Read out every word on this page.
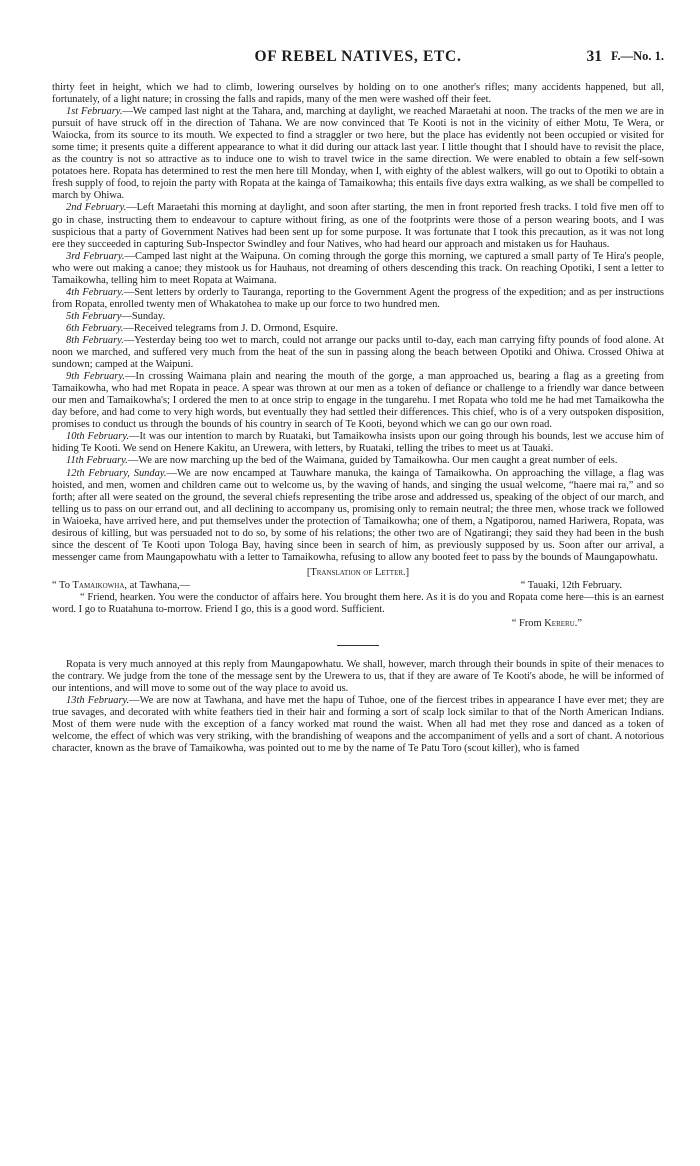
OF REBEL NATIVES, ETC.	31 F.—No. 1.

thirty feet in height, which we had to climb, lowering ourselves by holding on to one another's rifles; many accidents happened, but all, fortunately, of a light nature; in crossing the falls and rapids, many of the men were washed off their feet.

1st February.—We camped last night at the Tahara, and, marching at daylight, we reached Maraetahi at noon. The tracks of the men we are in pursuit of have struck off in the direction of Tahana. We are now convinced that Te Kooti is not in the vicinity of either Motu, Te Wera, or Waiocka, from its source to its mouth. We expected to find a straggler or two here, but the place has evidently not been occupied or visited for some time; it presents quite a different appearance to what it did during our attack last year. I little thought that I should have to revisit the place, as the country is not so attractive as to induce one to wish to travel twice in the same direction. We were enabled to obtain a few self-sown potatoes here. Ropata has determined to rest the men here till Monday, when I, with eighty of the ablest walkers, will go out to Opotiki to obtain a fresh supply of food, to rejoin the party with Ropata at the kainga of Tamaikowha; this entails five days extra walking, as we shall be compelled to march by Ohiwa.

2nd February.—Left Maraetahi this morning at daylight, and soon after starting, the men in front reported fresh tracks. I told five men off to go in chase, instructing them to endeavour to capture without firing, as one of the footprints were those of a person wearing boots, and I was suspicious that a party of Government Natives had been sent up for some purpose. It was fortunate that I took this precaution, as it was not long ere they succeeded in capturing Sub-Inspector Swindley and four Natives, who had heard our approach and mistaken us for Hauhaus.

3rd February.—Camped last night at the Waipuna. On coming through the gorge this morning, we captured a small party of Te Hira's people, who were out making a canoe; they mistook us for Hauhaus, not dreaming of others descending this track. On reaching Opotiki, I sent a letter to Tamaikowha, telling him to meet Ropata at Waimana.

4th February.—Sent letters by orderly to Tauranga, reporting to the Government Agent the progress of the expedition; and as per instructions from Ropata, enrolled twenty men of Whakatohea to make up our force to two hundred men.

5th February—Sunday.

6th February.—Received telegrams from J. D. Ormond, Esquire.

8th February.—Yesterday being too wet to march, could not arrange our packs until to-day, each man carrying fifty pounds of food alone. At noon we marched, and suffered very much from the heat of the sun in passing along the beach between Opotiki and Ohiwa. Crossed Ohiwa at sundown; camped at the Waipuni.

9th February.—In crossing Waimana plain and nearing the mouth of the gorge, a man approached us, bearing a flag as a greeting from Tamaikowha, who had met Ropata in peace. A spear was thrown at our men as a token of defiance or challenge to a friendly war dance between our men and Tamaikowha's; I ordered the men to at once strip to engage in the tungarehu. I met Ropata who told me he had met Tamaikowha the day before, and had come to very high words, but eventually they had settled their differences. This chief, who is of a very outspoken disposition, promises to conduct us through the bounds of his country in search of Te Kooti, beyond which we can go our own road.

10th February.—It was our intention to march by Ruataki, but Tamaikowha insists upon our going through his bounds, lest we accuse him of hiding Te Kooti. We send on Henere Kakitu, an Urewera, with letters, by Ruataki, telling the tribes to meet us at Tauaki.

11th February.—We are now marching up the bed of the Waimana, guided by Tamaikowha. Our men caught a great number of eels.

12th February, Sunday.—We are now encamped at Tauwhare manuka, the kainga of Tamaikowha. On approaching the village, a flag was hoisted, and men, women and children came out to welcome us, by the waving of hands, and singing the usual welcome, “haere mai ra,” and so forth; after all were seated on the ground, the several chiefs representing the tribe arose and addressed us, speaking of the object of our march, and telling us to pass on our errand out, and all declining to accompany us, promising only to remain neutral; the three men, whose track we followed in Waioeka, have arrived here, and put themselves under the protection of Tamaikowha; one of them, a Ngatiporou, named Hariwera, Ropata, was desirous of killing, but was persuaded not to do so, by some of his relations; the other two are of Ngatirangi; they said they had been in the bush since the descent of Te Kooti upon Tologa Bay, having since been in search of him, as previously supposed by us. Soon after our arrival, a messenger came from Maungapowhatu with a letter to Tamaikowha, refusing to allow any booted feet to pass by the bounds of Maungapowhatu.

[Translation of Letter.]
“ To Tamaikowha, at Tawhana,—	“ Tauaki, 12th February.

“ Friend, hearken. You were the conductor of affairs here. You brought them here. As it is do you and Ropata come here—this is an earnest word. I go to Ruatahuna to-morrow. Friend I go, this is a good word. Sufficient.

“ From Kereru.”

Ropata is very much annoyed at this reply from Maungapowhatu. We shall, however, march through their bounds in spite of their menaces to the contrary. We judge from the tone of the message sent by the Urewera to us, that if they are aware of Te Kooti's abode, he will be informed of our intentions, and will move to some out of the way place to avoid us.

13th February.—We are now at Tawhana, and have met the hapu of Tuhoe, one of the fiercest tribes in appearance I have ever met; they are true savages, and decorated with white feathers tied in their hair and forming a sort of scalp lock similar to that of the North American Indians. Most of them were nude with the exception of a fancy worked mat round the waist. When all had met they rose and danced as a token of welcome, the effect of which was very striking, with the brandishing of weapons and the accompaniment of yells and a sort of chant. A notorious character, known as the brave of Tamaikowha, was pointed out to me by the name of Te Patu Toro (scout killer), who is famed
